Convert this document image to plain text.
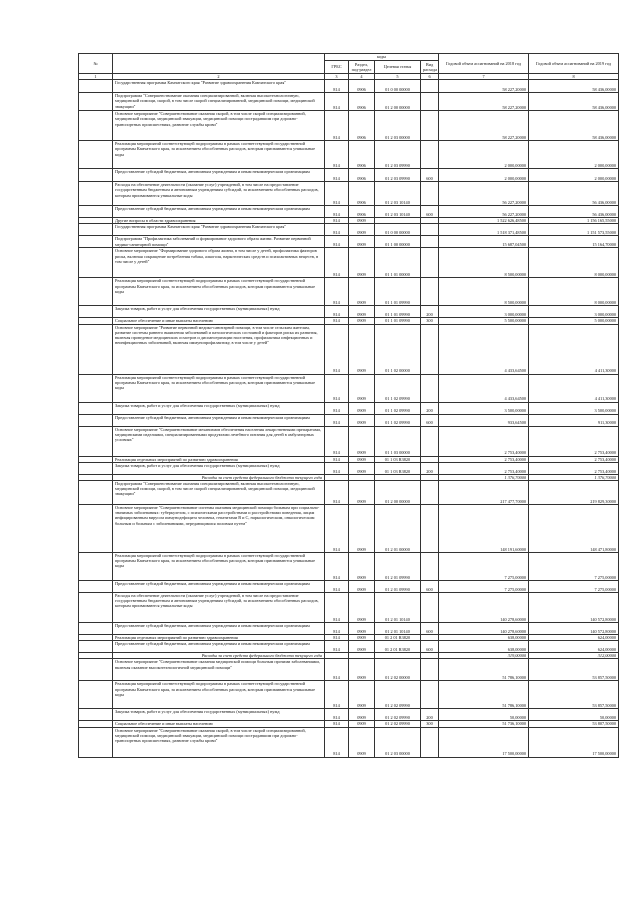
№		коды				Годовой объем ассигнований на 2018 год	Годовой объем ассигнований на 2019 год
		ГРБС	Раздел, под-раздел	Целевая статья	Вид расхода		
1	2	3	4	5	6	7	8
	Государственная программа Камчатского края "Развитие здравоохранения Камчатского края"	814	0906	01 0 00 00000		58 227,20000	58 436,00000
	Подпрограмма "Совершенствование оказания специализированной, включая высокотехнологичную, медицинской помощи, скорой, в том числе скорой специализированной, медицинской помощи, медицинской эвакуации"	814	0906	01 2 00 00000		58 227,20000	58 436,00000
	Основное мероприятие "Совершенствование оказания скорой, в том числе скорой специализированной, медицинской помощи, медицинской эвакуации, медицинской помощи пострадавшим при дорожно-транспортных происшествиях, развитие службы крови"	814	0906	01 2 03 00000		58 227,20000	58 436,00000
	Реализация мероприятий соответствующей подпрограммы в рамках соответствующей государственной программы Камчатского края, за исключением обособленных расходов, которым присваиваются уникальные коды	814	0906	01 2 03 09990		2 000,00000	2 000,00000
	Предоставление субсидий бюджетным, автономным учреждениям и иным некоммерческим организациям	814	0906	01 2 03 09990	600	2 000,00000	2 000,00000
	Расходы на обеспечение деятельности (оказание услуг) учреждений, в том числе на предоставление государственным бюджетным и автономным учреждениям субсидий, за исключением обособленных расходов, которым присваиваются уникальные коды	814	0906	01 2 03 10140		56 227,20000	56 436,00000
	Предоставление субсидий бюджетным, автономным учреждениям и иным некоммерческим организациям	814	0906	01 2 03 10140	600	56 227,20000	56 436,00000
	Другие вопросы в области здравоохранения	814	0909			1 522 626,48500	1 156 165,55000
	Государственная программа Камчатского края "Развитие здравоохранения Камчатского края"	814	0909	01 0 00 00000		1 518 371,48500	1 151 573,55000
	Подпрограмма "Профилактика заболеваний и формирование здорового образа жизни. Развитие первичной медико-санитарной помощи"	814	0909	01 1 00 00000		15 687,04500	15 164,70000
	Основное мероприятие "Формирование здорового образа жизни, в том числе у детей, профилактика факторов риска, включая сокращение потребления табака, алкоголя, наркотических средств и психоактивных веществ, в том числе у детей"	814	0909	01 1 01 00000		8 500,00000	8 000,00000
	Реализация мероприятий соответствующей подпрограммы в рамках соответствующей государственной программы Камчатского края, за исключением обособленных расходов, которым присваиваются уникальные коды	814	0909	01 1 01 09990		8 500,00000	8 000,00000
	Закупка товаров, работ и услуг для обеспечения государственных (муниципальных) нужд	814	0909	01 1 01 09990	200	3 000,00000	3 000,00000
	Социальное обеспечение и иные выплаты населению	814	0909	01 1 01 09990	300	5 500,00000	5 000,00000
	Основное мероприятие "Развитие первичной медико-санитарной помощи, в том числе сельским жителям, развитие системы раннего выявления заболеваний и патологических состояний и факторов риска их развития, включая проведение медицинских осмотров и диспансеризации населения, профилактика инфекционных и неинфекционных заболеваний, включая иммунопрофилактику, в том числе у детей"	814	0909	01 1 02 00000		4 433,64500	4 411,30000
	Реализация мероприятий соответствующей подпрограммы в рамках соответствующей государственной программы Камчатского края, за исключением обособленных расходов, которым присваиваются уникальные коды	814	0909	01 1 02 09990		4 433,64500	4 411,30000
	Закупка товаров, работ и услуг для обеспечения государственных (муниципальных) нужд	814	0909	01 1 02 09990	200	3 500,00000	3 500,00000
	Предоставление субсидий бюджетным, автономным учреждениям и иным некоммерческим организациям	814	0909	01 1 02 09990	600	933,64500	911,30000
	Основное мероприятие "Совершенствование механизмов обеспечения населения лекарственными препаратами, медицинскими изделиями, специализированными продуктами лечебного питания для детей в амбулаторных условиях"	814	0909	01 1 03 00000		2 753,40000	2 753,40000
	Реализация отдельных мероприятий по развитию здравоохранения	814	0909	01 1 03 R3820		2 753,40000	2 753,40000
	Закупка товаров, работ и услуг для обеспечения государственных (муниципальных) нужд	814	0909	01 1 03 R3820	200	2 753,40000	2 753,40000
	Расходы за счет средств федерального бюджета текущего года					1 376,70000	1 376,70000
	Подпрограмма "Совершенствование оказания специализированной, включая высокотехнологичную, медицинской помощи, скорой, в том числе скорой специализированной, медицинской помощи, медицинской эвакуации"	814	0909	01 2 00 00000		217 477,70000	219 829,30000
	Основное мероприятие "Совершенствование системы оказания медицинской помощи больным при социально-значимых заболеваниях: туберкулезом, с психическими расстройствами и расстройствами поведения, лицам инфицированным вирусом иммунодефицита человека, гепатитами B и C, наркологическим, онкологическим больным и больным с заболеваниями, передающимися половым путем"	814	0909	01 2 01 00000		148 191,60000	148 471,80000
	Реализация мероприятий соответствующей подпрограммы в рамках соответствующей государственной программы Камчатского края, за исключением обособленных расходов, которым присваиваются уникальные коды	814	0909	01 2 01 09990		7 275,00000	7 275,00000
	Предоставление субсидий бюджетным, автономным учреждениям и иным некоммерческим организациям	814	0909	01 2 01 09990	600	7 275,00000	7 275,00000
	Расходы на обеспечение деятельности (оказание услуг) учреждений, в том числе на предоставление государственным бюджетным и автономным учреждениям субсидий, за исключением обособленных расходов, которым присваиваются уникальные коды	814	0909	01 2 01 10140		140 278,60000	140 572,80000
	Предоставление субсидий бюджетным, автономным учреждениям и иным некоммерческим организациям	814	0909	01 2 01 10140	600	140 278,60000	140 572,80000
	Реализация отдельных мероприятий по развитию здравоохранения	814	0909	01 2 01 R3820		638,00000	624,00000
	Предоставление субсидий бюджетным, автономным учреждениям и иным некоммерческим организациям	814	0909	01 2 01 R3820	600	638,00000	624,00000
	Расходы за счет средств федерального бюджета текущего года					319,00000	312,00000
	Основное мероприятие "Совершенствование оказания медицинской помощи больным прочими заболеваниями, включая оказание высокотехнологичной медицинской помощи"	814	0909	01 2 02 00000		51 786,10000	53 857,50000
	Реализация мероприятий соответствующей подпрограммы в рамках соответствующей государственной программы Камчатского края, за исключением обособленных расходов, которым присваиваются уникальные коды	814	0909	01 2 02 09990		51 786,10000	53 857,50000
	Закупка товаров, работ и услуг для обеспечения государственных (муниципальных) нужд	814	0909	01 2 02 09990	200	50,00000	50,00000
	Социальное обеспечение и иные выплаты населению	814	0909	01 2 02 09990	300	51 736,10000	53 807,50000
	Основное мероприятие "Совершенствование оказания скорой, в том числе скорой специализированной, медицинской помощи, медицинской эвакуации, медицинской помощи пострадавшим при дорожно-транспортных происшествиях, развитие службы крови"	814	0909	01 2 03 00000		17 500,00000	17 500,00000
